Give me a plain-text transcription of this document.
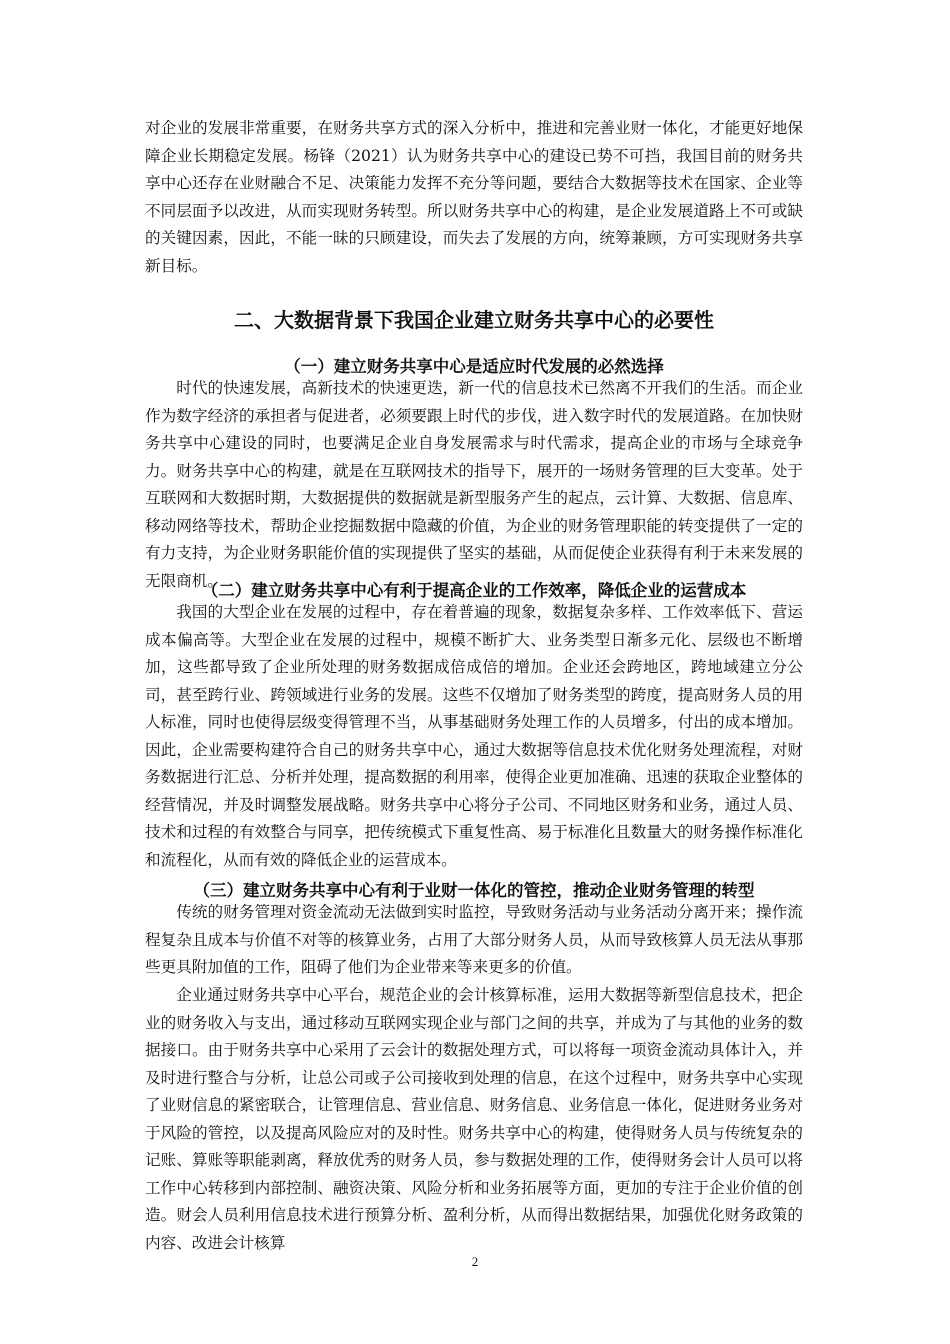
对企业的发展非常重要，在财务共享方式的深入分析中，推进和完善业财一体化，才能更好地保障企业长期稳定发展。杨锋（2021）认为财务共享中心的建设已势不可挡，我国目前的财务共享中心还存在业财融合不足、决策能力发挥不充分等问题，要结合大数据等技术在国家、企业等不同层面予以改进，从而实现财务转型。所以财务共享中心的构建，是企业发展道路上不可或缺的关键因素，因此，不能一昧的只顾建设，而失去了发展的方向，统筹兼顾，方可实现财务共享新目标。

二、大数据背景下我国企业建立财务共享中心的必要性
（一）建立财务共享中心是适应时代发展的必然选择

时代的快速发展，高新技术的快速更迭，新一代的信息技术已然离不开我们的生活。而企业作为数字经济的承担者与促进者，必须要跟上时代的步伐，进入数字时代的发展道路。在加快财务共享中心建设的同时，也要满足企业自身发展需求与时代需求，提高企业的市场与全球竞争力。财务共享中心的构建，就是在互联网技术的指导下，展开的一场财务管理的巨大变革。处于互联网和大数据时期，大数据提供的数据就是新型服务产生的起点，云计算、大数据、信息库、移动网络等技术，帮助企业挖掘数据中隐藏的价值，为企业的财务管理职能的转变提供了一定的有力支持，为企业财务职能价值的实现提供了坚实的基础，从而促使企业获得有利于未来发展的无限商机。

（二）建立财务共享中心有利于提高企业的工作效率，降低企业的运营成本

我国的大型企业在发展的过程中，存在着普遍的现象，数据复杂多样、工作效率低下、营运成本偏高等。大型企业在发展的过程中，规模不断扩大、业务类型日渐多元化、层级也不断增加，这些都导致了企业所处理的财务数据成倍成倍的增加。企业还会跨地区，跨地域建立分公司，甚至跨行业、跨领域进行业务的发展。这些不仅增加了财务类型的跨度，提高财务人员的用人标准，同时也使得层级变得管理不当，从事基础财务处理工作的人员增多，付出的成本增加。因此，企业需要构建符合自己的财务共享中心，通过大数据等信息技术优化财务处理流程，对财务数据进行汇总、分析并处理，提高数据的利用率，使得企业更加准确、迅速的获取企业整体的经营情况，并及时调整发展战略。财务共享中心将分子公司、不同地区财务和业务，通过人员、技术和过程的有效整合与同享，把传统模式下重复性高、易于标准化且数量大的财务操作标准化和流程化，从而有效的降低企业的运营成本。

（三）建立财务共享中心有利于业财一体化的管控，推动企业财务管理的转型

传统的财务管理对资金流动无法做到实时监控，导致财务活动与业务活动分离开来；操作流程复杂且成本与价值不对等的核算业务，占用了大部分财务人员，从而导致核算人员无法从事那些更具附加值的工作，阻碍了他们为企业带来等来更多的价值。

企业通过财务共享中心平台，规范企业的会计核算标准，运用大数据等新型信息技术，把企业的财务收入与支出，通过移动互联网实现企业与部门之间的共享，并成为了与其他的业务的数据接口。由于财务共享中心采用了云会计的数据处理方式，可以将每一项资金流动具体计入，并及时进行整合与分析，让总公司或子公司接收到处理的信息，在这个过程中，财务共享中心实现了业财信息的紧密联合，让管理信息、营业信息、财务信息、业务信息一体化，促进财务业务对于风险的管控，以及提高风险应对的及时性。财务共享中心的构建，使得财务人员与传统复杂的记账、算账等职能剥离，释放优秀的财务人员，参与数据处理的工作，使得财务会计人员可以将工作中心转移到内部控制、融资决策、风险分析和业务拓展等方面，更加的专注于企业价值的创造。财会人员利用信息技术进行预算分析、盈利分析，从而得出数据结果，加强优化财务政策的内容、改进会计核算

2
